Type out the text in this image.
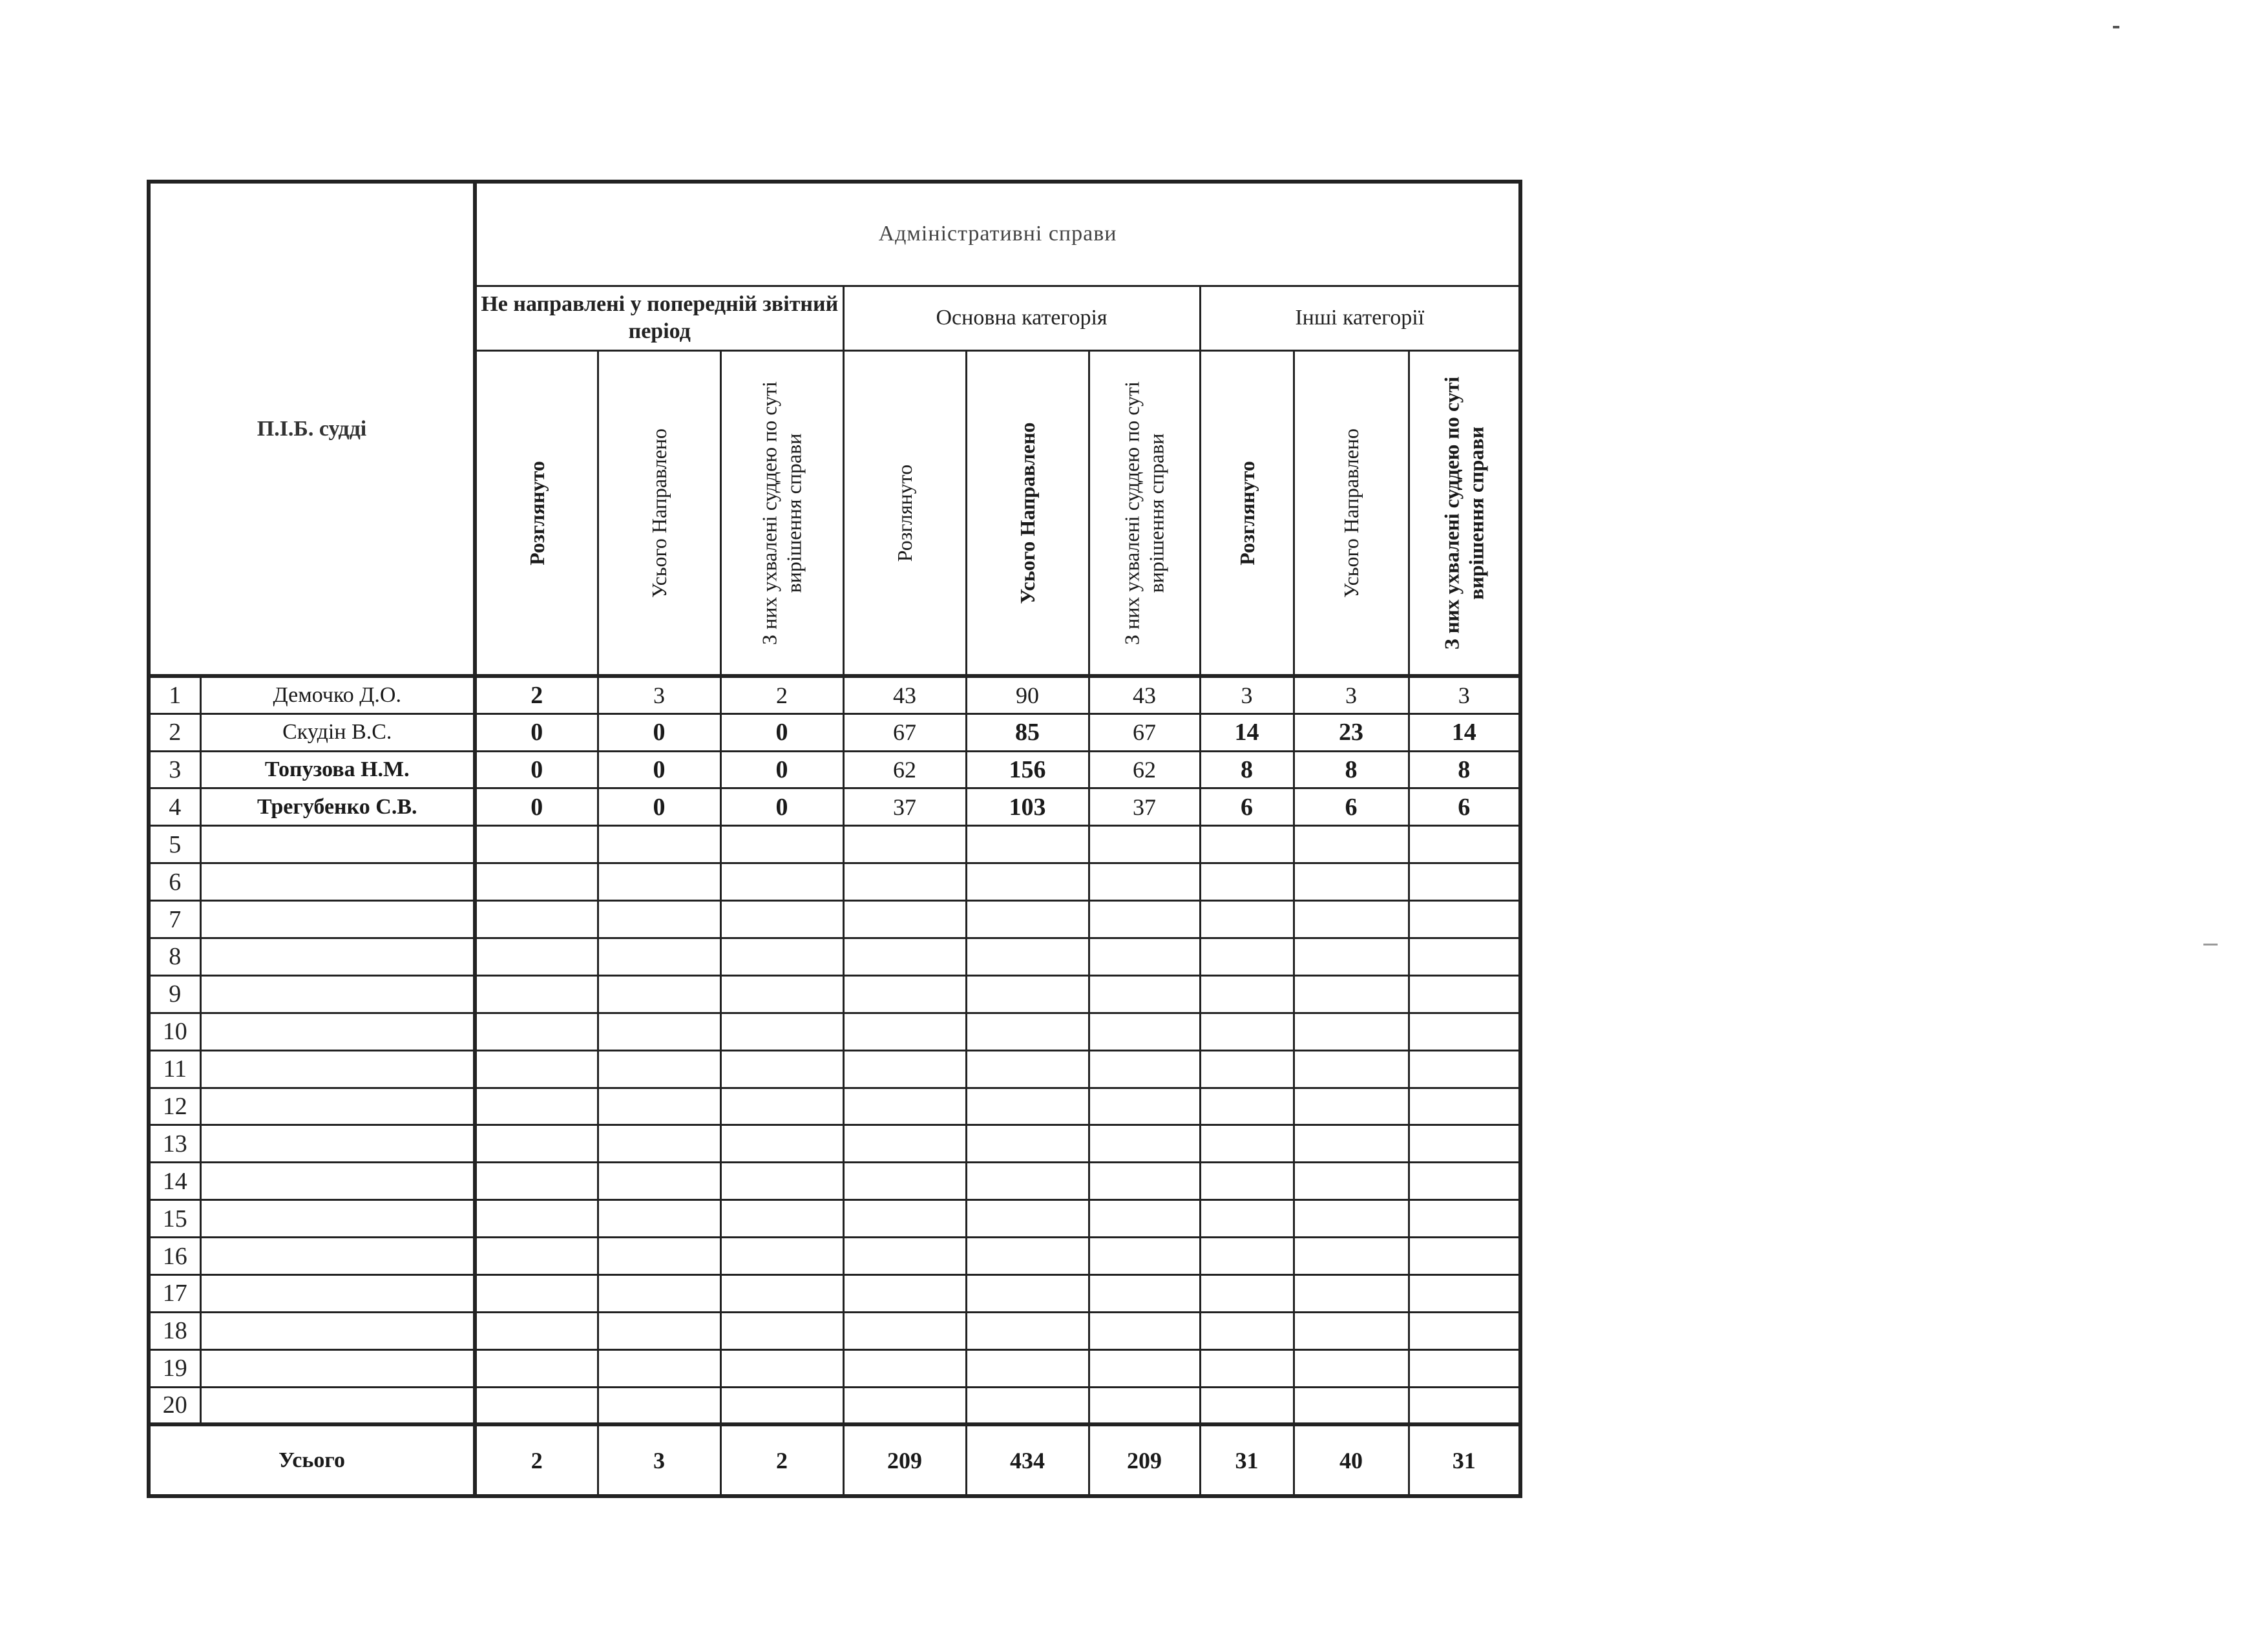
П.І.Б. судді		Адміністративні справи								
		Не направлені у попередній звітний період			Основна категорія			Інші категорії		

		Розглянуто	Усього Направлено	З них ухвалені суддею по суті вирішення справи	Розглянуто	Усього Направлено	З них ухвалені суддею по суті вирішення справи	Розглянуто	Усього Направлено	З них ухвалені суддею по суті вирішення справи

1	Демочко Д.О.	2	3	2	43	90	43	3	3	3
2	Скудін В.С.	0	0	0	67	85	67	14	23	14
3	Топузова Н.М.	0	0	0	62	156	62	8	8	8
4	Трегубенко С.В.	0	0	0	37	103	37	6	6	6
5										
6										
7										
8										
9										
10										
11										
12										
13										
14										
15										
16										
17										
18										
19										
20										
Усього		2	3	2	209	434	209	31	40	31
